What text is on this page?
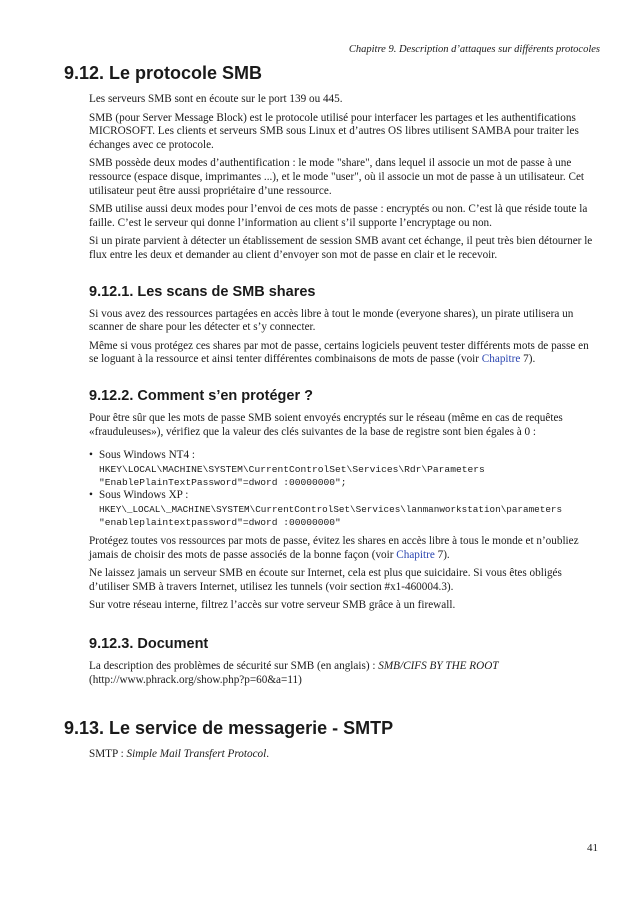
Chapitre 9. Description d’attaques sur différents protocoles
9.12. Le protocole SMB

Les serveurs SMB sont en écoute sur le port 139 ou 445.

SMB (pour Server Message Block) est le protocole utilisé pour interfacer les partages et les authentifications MICROSOFT. Les clients et serveurs SMB sous Linux et d’autres OS libres utilisent SAMBA pour traiter les échanges avec ce protocole.

SMB possède deux modes d’authentification : le mode "share", dans lequel il associe un mot de passe à une ressource (espace disque, imprimantes ...), et le mode "user", où il associe un mot de passe à un utilisateur. Cet utilisateur peut être aussi propriétaire d’une ressource.

SMB utilise aussi deux modes pour l’envoi de ces mots de passe : encryptés ou non. C’est là que réside toute la faille. C’est le serveur qui donne l’information au client s’il supporte l’encryptage ou non.

Si un pirate parvient à détecter un établissement de session SMB avant cet échange, il peut très bien détourner le flux entre les deux et demander au client d’envoyer son mot de passe en clair et le recevoir.

9.12.1. Les scans de SMB shares

Si vous avez des ressources partagées en accès libre à tout le monde (everyone shares), un pirate utilisera un scanner de share pour les détecter et s’y connecter.

Même si vous protégez ces shares par mot de passe, certains logiciels peuvent tester différents mots de passe en se loguant à la ressource et ainsi tenter différentes combinaisons de mots de passe (voir Chapitre 7).

9.12.2. Comment s’en protéger ?

Pour être sûr que les mots de passe SMB soient envoyés encryptés sur le réseau (même en cas de requêtes «frauduleuses»), vérifiez que la valeur des clés suivantes de la base de registre sont bien égales à 0 :

• Sous Windows NT4 :
HKEY\LOCAL\MACHINE\SYSTEM\CurrentControlSet\Services\Rdr\Parameters
"EnablePlainTextPassword"=dword :00000000";
• Sous Windows XP :
HKEY\_LOCAL\_MACHINE\SYSTEM\CurrentControlSet\Services\lanmanworkstation\parameters
"enableplaintextpassword"=dword :00000000"

Protégez toutes vos ressources par mots de passe, évitez les shares en accès libre à tous le monde et n’oubliez jamais de choisir des mots de passe associés de la bonne façon (voir Chapitre 7).

Ne laissez jamais un serveur SMB en écoute sur Internet, cela est plus que suicidaire. Si vous êtes obligés d’utiliser SMB à travers Internet, utilisez les tunnels (voir section #x1-460004.3).

Sur votre réseau interne, filtrez l’accès sur votre serveur SMB grâce à un firewall.

9.12.3. Document

La description des problèmes de sécurité sur SMB (en anglais) : SMB/CIFS BY THE ROOT
(http://www.phrack.org/show.php?p=60&a=11)

9.13. Le service de messagerie - SMTP

SMTP : Simple Mail Transfert Protocol.

41
